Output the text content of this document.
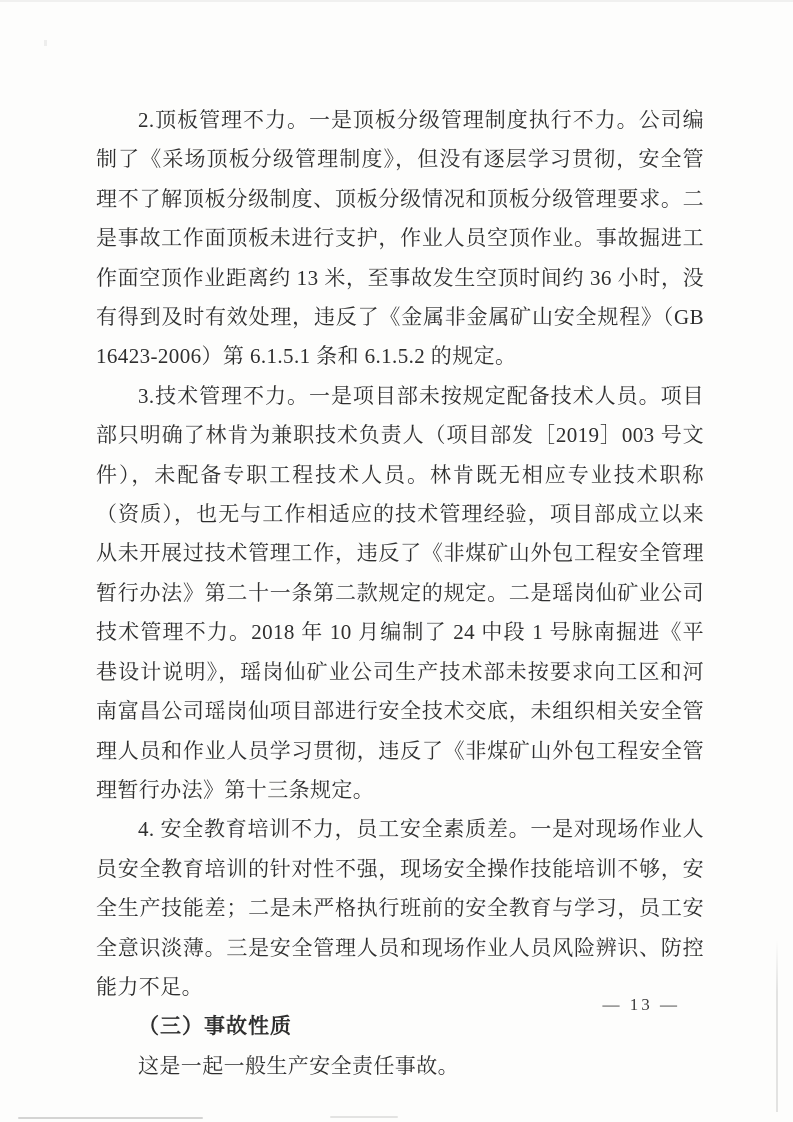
2.顶板管理不力。一是顶板分级管理制度执行不力。公司编制了《采场顶板分级管理制度》，但没有逐层学习贯彻，安全管理不了解顶板分级制度、顶板分级情况和顶板分级管理要求。二是事故工作面顶板未进行支护，作业人员空顶作业。事故掘进工作面空顶作业距离约 13 米，至事故发生空顶时间约 36 小时，没有得到及时有效处理，违反了《金属非金属矿山安全规程》（GB16423-2006）第 6.1.5.1 条和 6.1.5.2 的规定。

3.技术管理不力。一是项目部未按规定配备技术人员。项目部只明确了林肯为兼职技术负责人（项目部发［2019］003 号文件），未配备专职工程技术人员。林肯既无相应专业技术职称（资质），也无与工作相适应的技术管理经验，项目部成立以来从未开展过技术管理工作，违反了《非煤矿山外包工程安全管理暂行办法》第二十一条第二款规定的规定。二是瑶岗仙矿业公司技术管理不力。2018 年 10 月编制了 24 中段 1 号脉南掘进《平巷设计说明》，瑶岗仙矿业公司生产技术部未按要求向工区和河南富昌公司瑶岗仙项目部进行安全技术交底，未组织相关安全管理人员和作业人员学习贯彻，违反了《非煤矿山外包工程安全管理暂行办法》第十三条规定。

4. 安全教育培训不力，员工安全素质差。一是对现场作业人员安全教育培训的针对性不强，现场安全操作技能培训不够，安全生产技能差；二是未严格执行班前的安全教育与学习，员工安全意识淡薄。三是安全管理人员和现场作业人员风险辨识、防控能力不足。

（三）事故性质

这是一起一般生产安全责任事故。

— 13 —
